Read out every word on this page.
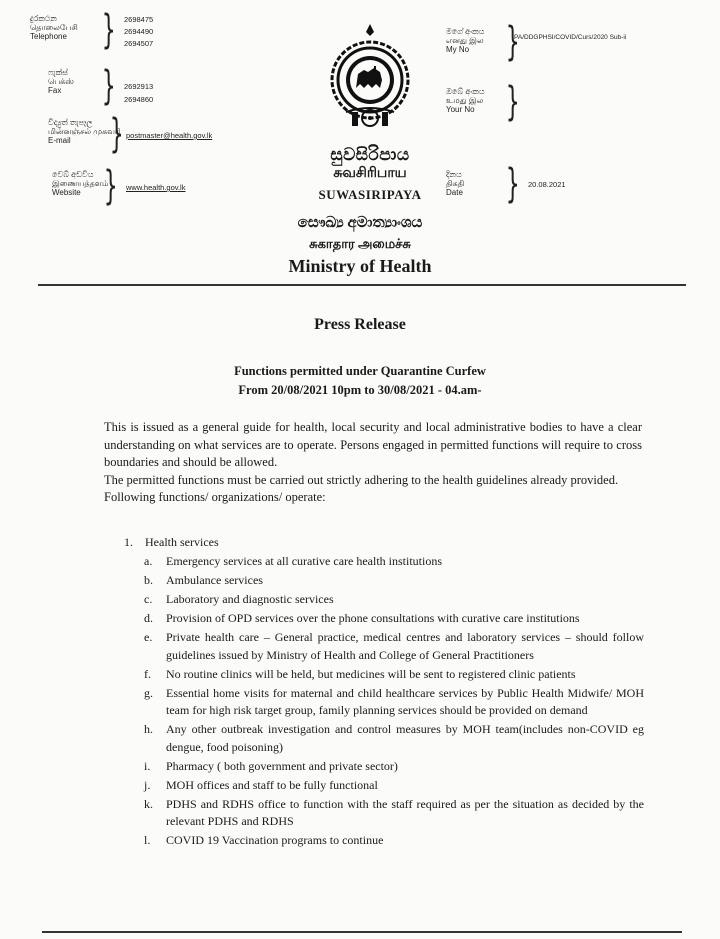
දුරකථන
தொலைபேசி
Telephone } 2698475
2694490
2694507
ෆැක්ස්
பெக்ஸ்
Fax	} 2692913
2694860
විද්‍යුත් තැපෑල
மின்னஞ்சல் முகவரி
E-mail } postmaster@health.gov.lk
වෙබ් අඩවිය
இணையத்தளம்
Website } www.health.gov.lk
සුවසිරිපාය
சுவசிரிபாய
SUWASIRIPAYA
මගේ අංකය
எனது இல
My No }
PA/DDGPHSI/COVID/Curs/2020 Sub-ii
ඔබේ අංකය
உமது இல
Your No }
දිනය
திகதி
Date } 20.08.2021
සෞඛ්‍ය අමාත්‍යාංශය
சுகாதார அமைச்சு
Ministry of Health
Press Release
Functions permitted under Quarantine Curfew
From 20/08/2021 10pm to 30/08/2021 - 04.am-
This is issued as a general guide for health, local security and local administrative bodies to have a clear understanding on what services are to operate. Persons engaged in permitted functions will require to cross boundaries and should be allowed.
The permitted functions must be carried out strictly adhering to the health guidelines already provided.
Following functions/ organizations/ operate:
1. Health services
a.	Emergency services at all curative care health institutions
b.	Ambulance services
c.	Laboratory and diagnostic services
d.	Provision of OPD services over the phone consultations with curative care institutions
e.	Private health care – General practice, medical centres and laboratory services – should follow guidelines issued by Ministry of Health and College of General Practitioners
f.	No routine clinics will be held, but medicines will be sent to registered clinic patients
g.	Essential home visits for maternal and child healthcare services by Public Health Midwife/ MOH team for high risk target group, family planning services should be provided on demand
h.	Any other outbreak investigation and control measures by MOH team(includes non-COVID eg dengue, food poisoning)
i.	Pharmacy ( both government and private sector)
j.	MOH offices and staff to be fully functional
k.	PDHS and RDHS office to function with the staff required as per the situation as decided by the relevant PDHS and RDHS
l.	COVID 19 Vaccination programs to continue
